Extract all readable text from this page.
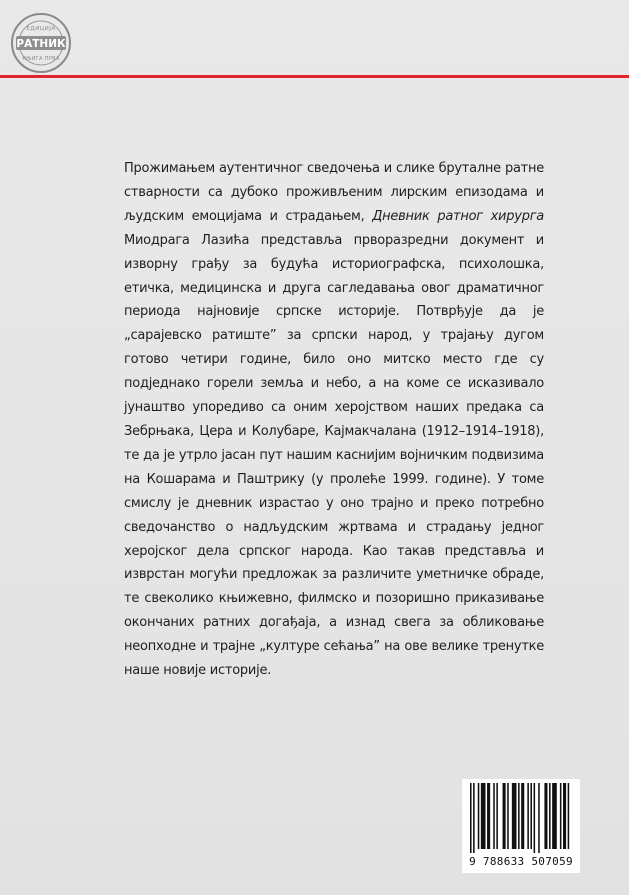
РАТНИК
ЕДИЦИЈА
КЊИГА ПРВА
Прожимањем аутентичног сведочења и слике бруталне ратне стварности са дубоко проживљеним лирским епизодама и људским емоцијама и страдањем, Дневник ратног хирурга Миодрага Лазића представља прворазредни документ и изворну грађу за будућа историографска, психолошка, етичка, медицинска и друга сагледавања овог драматичног периода најновије српске историје. Потврђује да је „сарајевско ратиште” за српски народ, у трајању дугом готово четири године, било оно митско место где су подједнако горели земља и небо, а на коме се исказивало јунаштво упоредиво са оним херојством наших предака са Зебрњака, Цера и Колубаре, Кајмакчалана (1912–1914–1918), те да је утрло јасан пут нашим каснијим војничким подвизима на Кошарама и Паштрику (у пролеће 1999. године). У томе смислу је дневник израстао у оно трајно и преко потребно сведочанство о надљудским жртвама и страдању једног херојског дела српског народа. Као такав представља и изврстан могући предложак за различите уметничке обраде, те свеколико књижевно, филмско и позоришно приказивање окончаних ратних догађаја, а изнад свега за обликовање неопходне и трајне „културе сећања” на ове велике тренутке наше новије историје.
9 788633 507059
